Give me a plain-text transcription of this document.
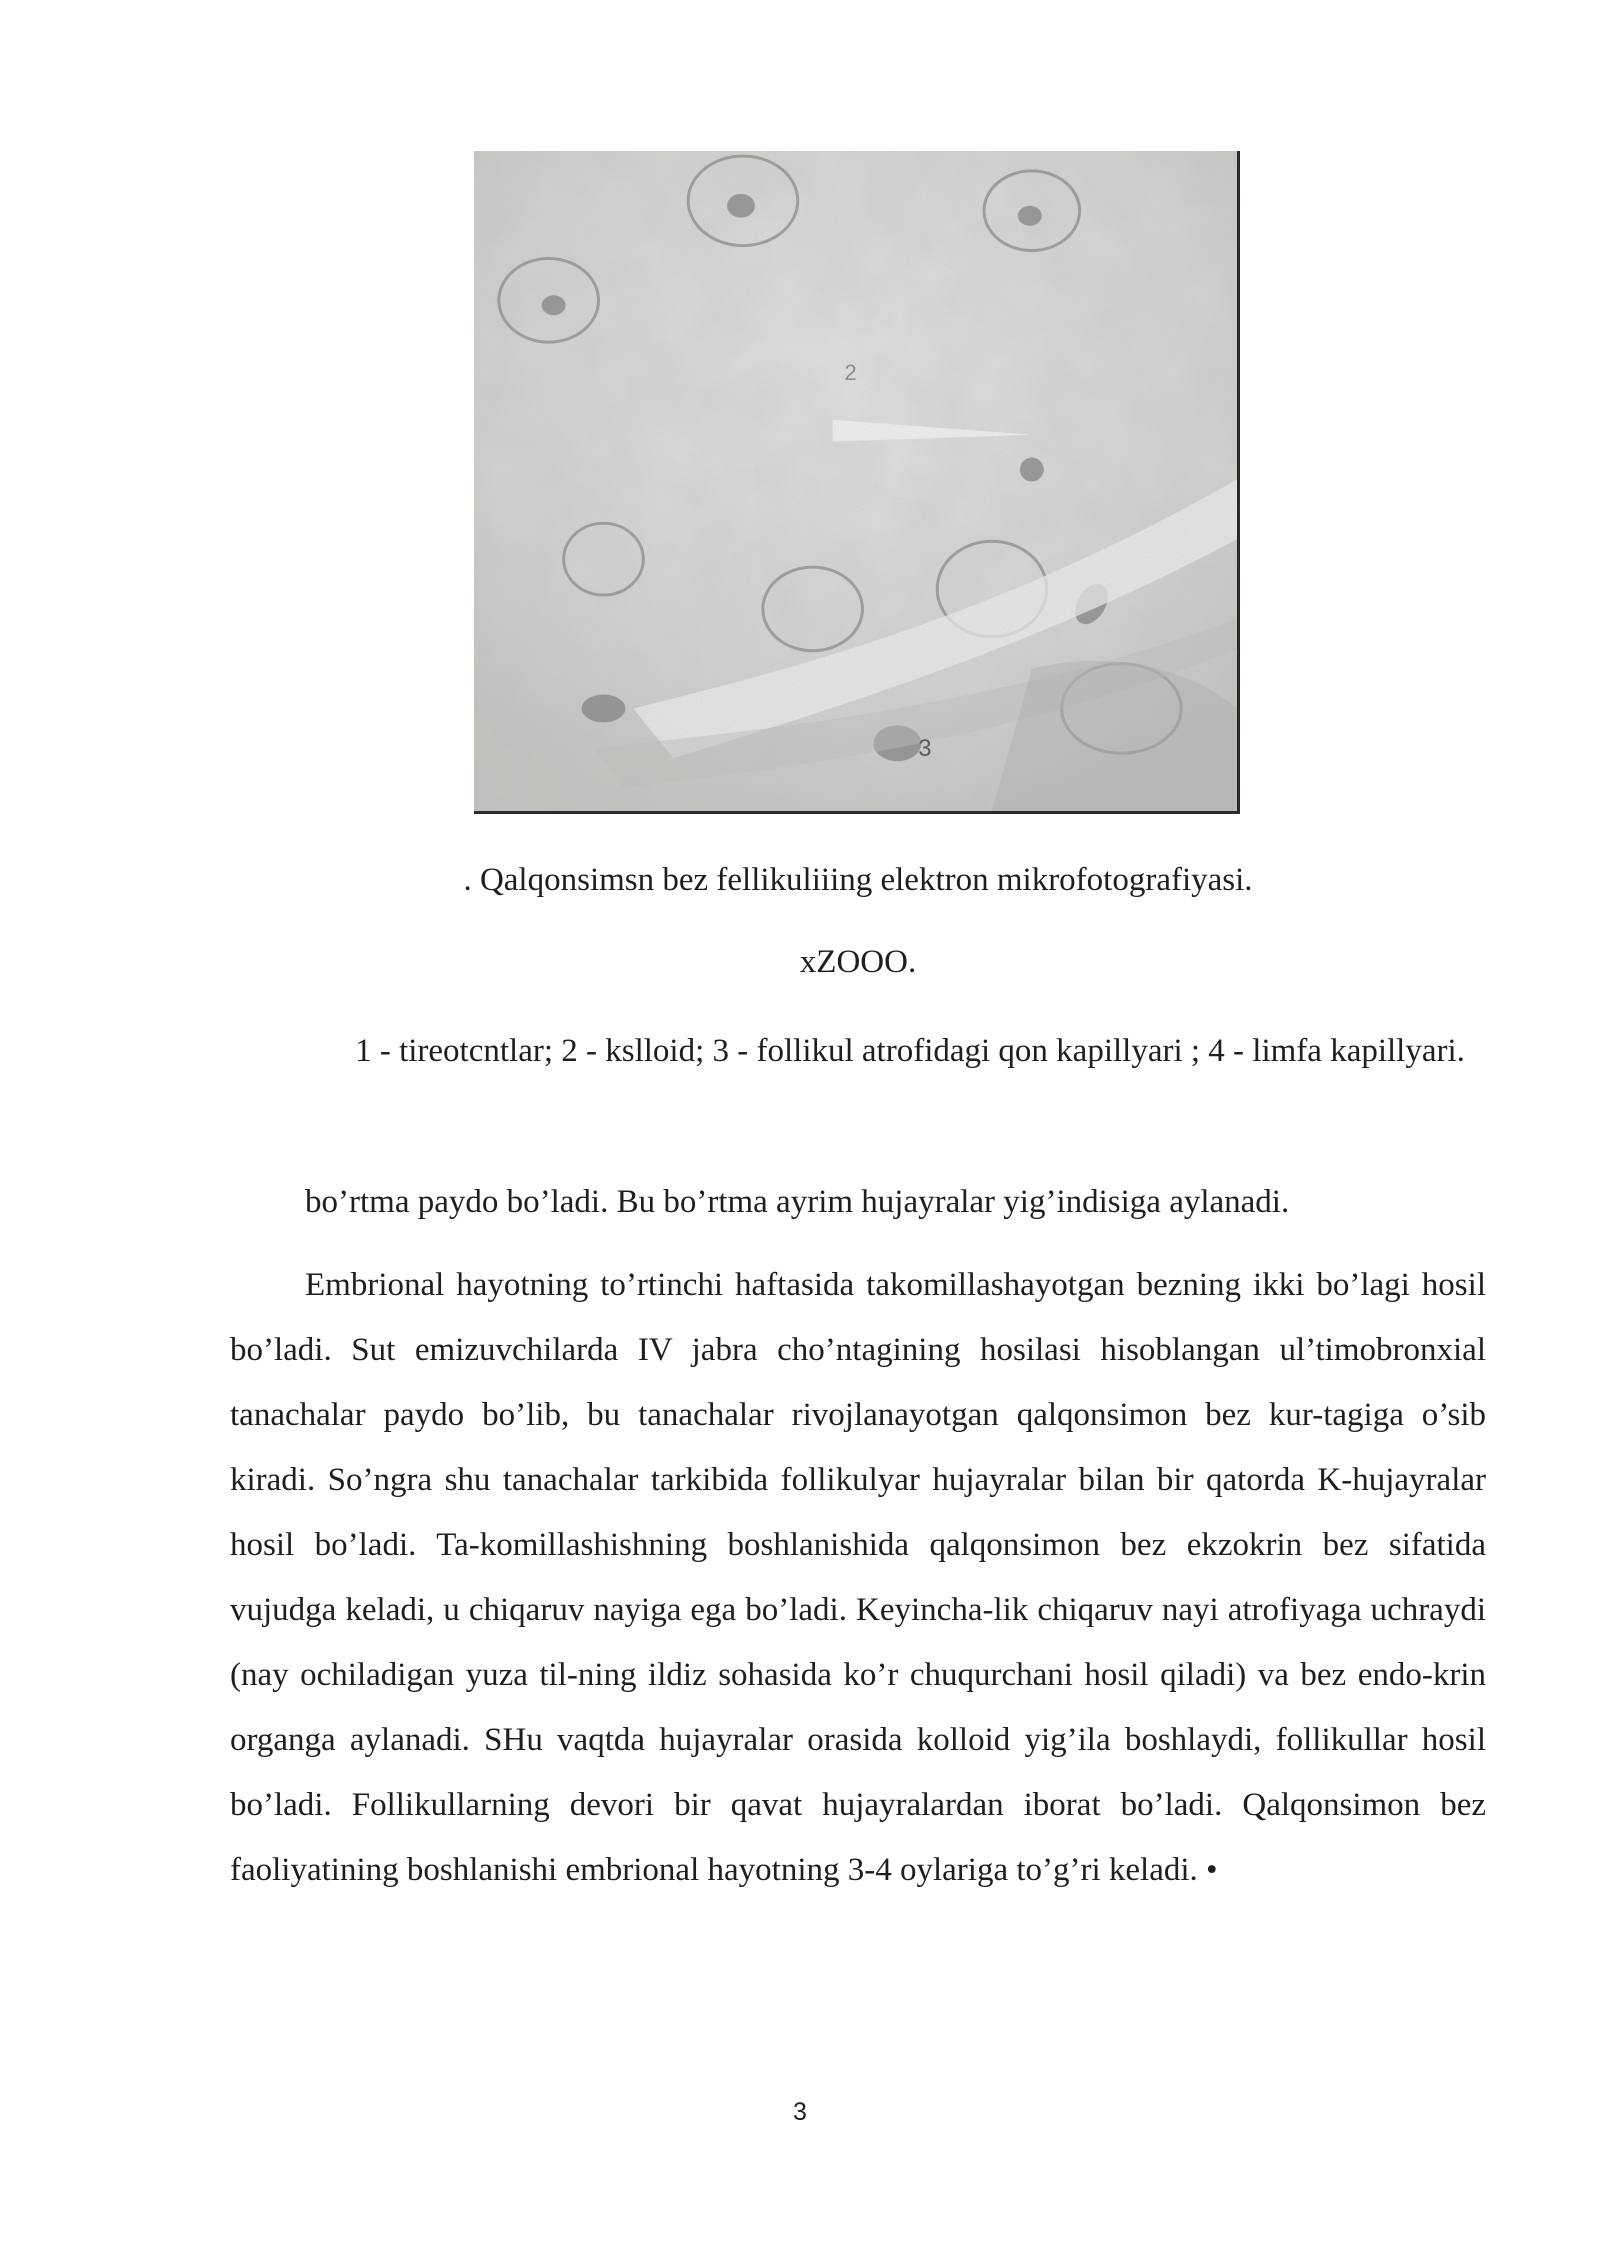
2
3

. Qalqonsimsn bez fellikuliiing elektron mikrofotografiyasi.

xZOOO.

1 - tireotcntlar; 2 - kslloid; 3 - follikul atrofidagi qon kapillyari ; 4 - limfa kapillyari.

bo’rtma paydo bo’ladi. Bu bo’rtma ayrim hujayralar yig’indisiga aylanadi.

Embrional hayotning to’rtinchi haftasida takomillashayotgan bezning ikki bo’lagi hosil bo’ladi. Sut emizuvchilarda IV jabra cho’ntagining hosilasi hisoblangan ul’timobronxial tanachalar paydo bo’lib, bu tanachalar rivojlanayotgan qalqonsimon bez kur-tagiga o’sib kiradi. So’ngra shu tanachalar tarkibida follikulyar hujayralar bilan bir qatorda K-hujayralar hosil bo’ladi. Ta-komillashishning boshlanishida qalqonsimon bez ekzokrin bez sifatida vujudga keladi, u chiqaruv nayiga ega bo’ladi. Keyincha-lik chiqaruv nayi atrofiyaga uchraydi (nay ochiladigan yuza til-ning ildiz sohasida ko’r chuqurchani hosil qiladi) va bez endo-krin organga aylanadi. SHu vaqtda hujayralar orasida kolloid yig’ila boshlaydi, follikullar hosil bo’ladi. Follikullarning devori bir qavat hujayralardan iborat bo’ladi. Qalqonsimon bez faoliyatining boshlanishi embrional hayotning 3-4 oylariga to’g’ri keladi. •

3
